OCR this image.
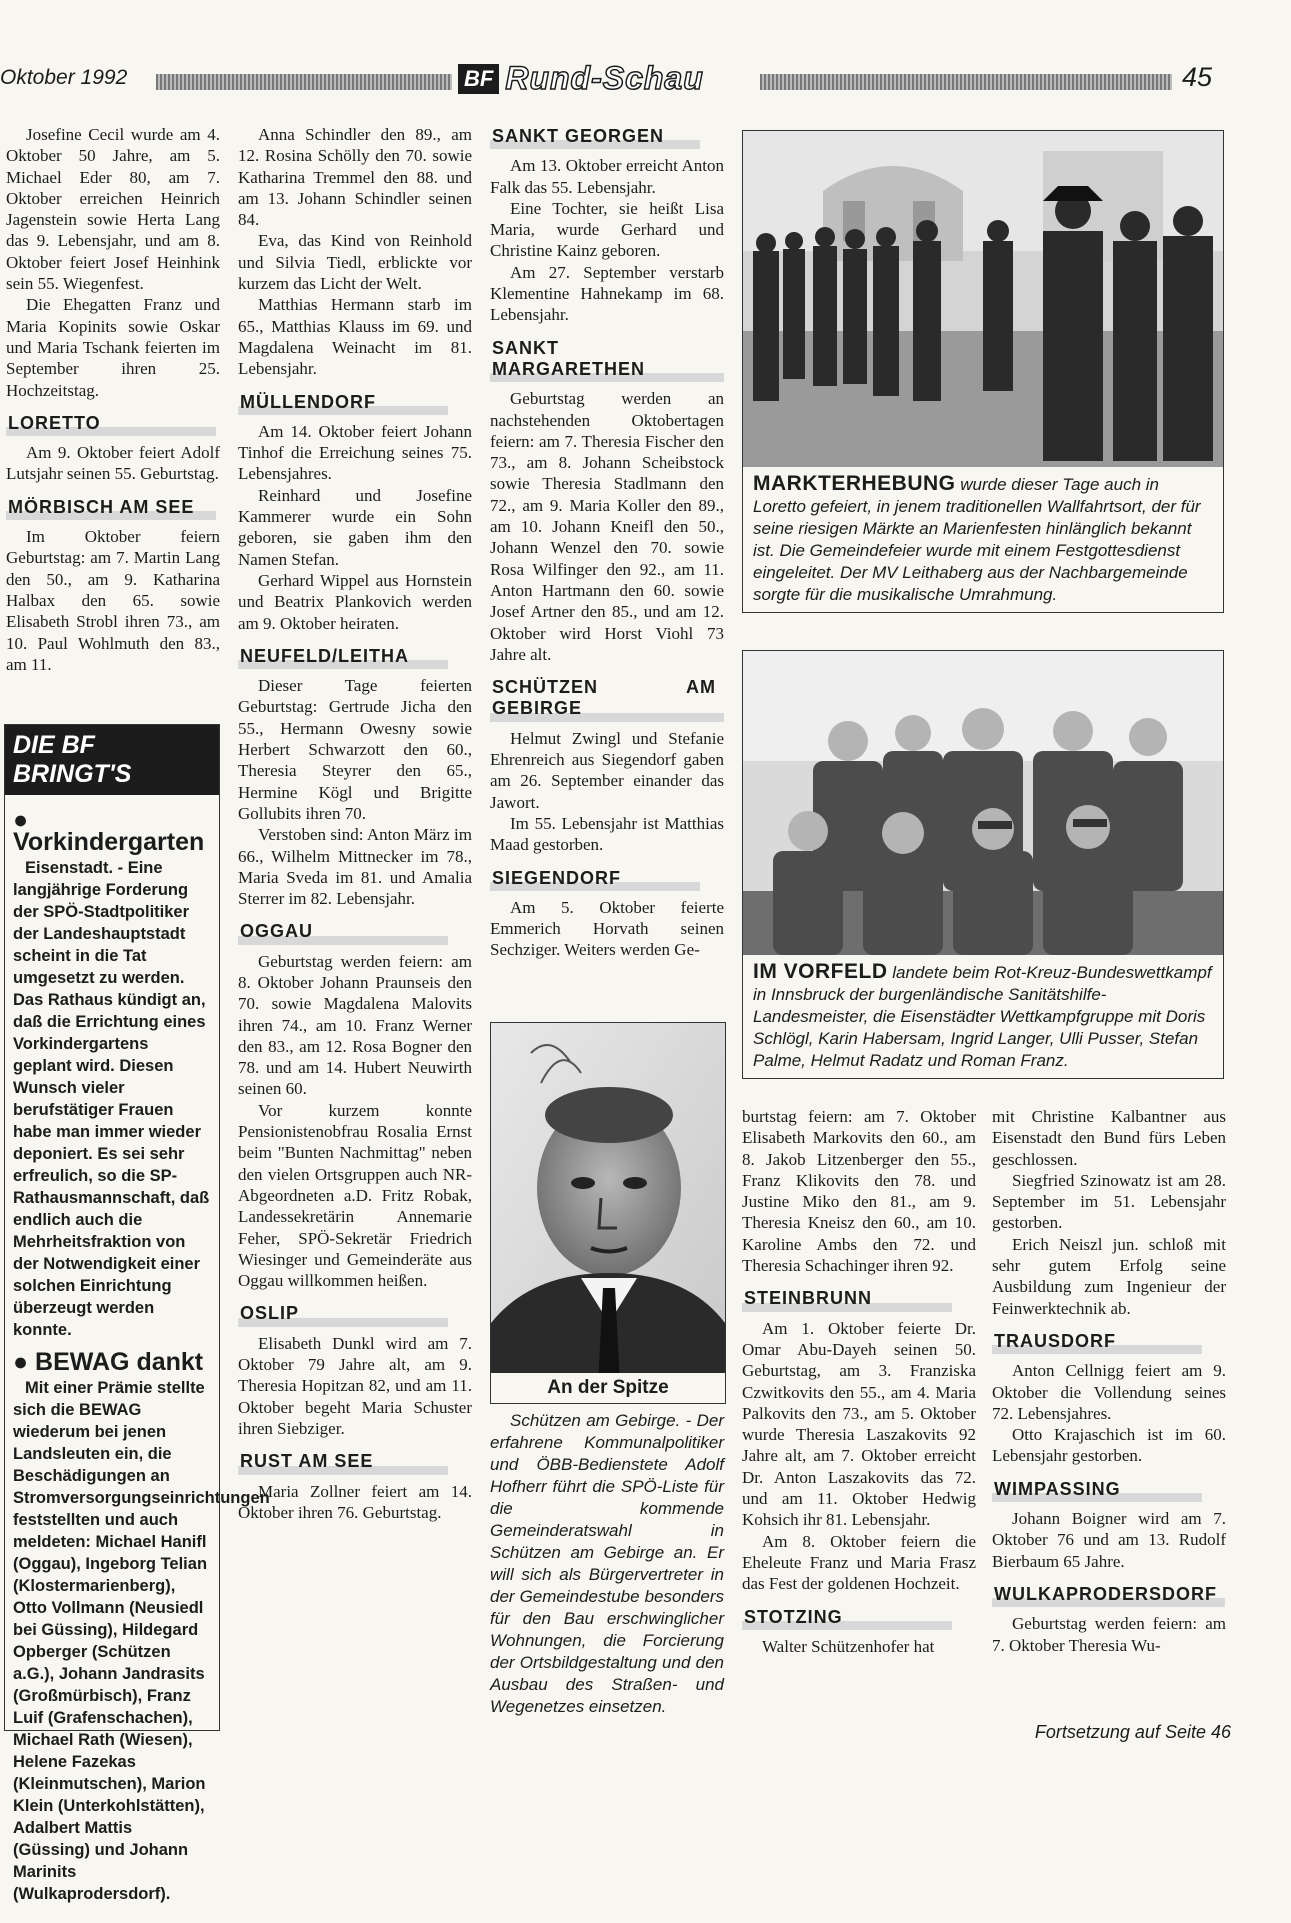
Oktober 1992	BF Rund-Schau	45

Josefine Cecil wurde am 4. Oktober 50 Jahre, am 5. Michael Eder 80, am 7. Oktober erreichen Heinrich Jagenstein sowie Herta Lang das 9. Lebensjahr, und am 8. Oktober feiert Josef Heinhink sein 55. Wiegenfest.

Die Ehegatten Franz und Maria Kopinits sowie Oskar und Maria Tschank feierten im September ihren 25. Hochzeitstag.

LORETTO

Am 9. Oktober feiert Adolf Lutsjahr seinen 55. Geburtstag.

MÖRBISCH AM SEE

Im Oktober feiern Geburtstag: am 7. Martin Lang den 50., am 9. Katharina Halbax den 65. sowie Elisabeth Strobl ihren 73., am 10. Paul Wohlmuth den 83., am 11.

DIE BF BRINGT'S
● Vorkindergarten

Eisenstadt. - Eine langjährige Forderung der SPÖ-Stadtpolitiker der Landeshauptstadt scheint in die Tat umgesetzt zu werden. Das Rathaus kündigt an, daß die Errichtung eines Vorkindergartens geplant wird. Diesen Wunsch vieler berufstätiger Frauen habe man immer wieder deponiert. Es sei sehr erfreulich, so die SP-Rathausmannschaft, daß endlich auch die Mehrheitsfraktion von der Notwendigkeit einer solchen Einrichtung überzeugt werden konnte.

● BEWAG dankt

Mit einer Prämie stellte sich die BEWAG wiederum bei jenen Landsleuten ein, die Beschädigungen an Stromversorgungseinrichtungen feststellten und auch meldeten: Michael Hanifl (Oggau), Ingeborg Telian (Klostermarienberg), Otto Vollmann (Neusiedl bei Güssing), Hildegard Opberger (Schützen a.G.), Johann Jandrasits (Großmürbisch), Franz Luif (Grafenschachen), Michael Rath (Wiesen), Helene Fazekas (Kleinmutschen), Marion Klein (Unterkohlstätten), Adalbert Mattis (Güssing) und Johann Marinits (Wulkaprodersdorf).

Anna Schindler den 89., am 12. Rosina Schölly den 70. sowie Katharina Tremmel den 88. und am 13. Johann Schindler seinen 84.

Eva, das Kind von Reinhold und Silvia Tiedl, erblickte vor kurzem das Licht der Welt.

Matthias Hermann starb im 65., Matthias Klauss im 69. und Magdalena Weinacht im 81. Lebensjahr.

MÜLLENDORF

Am 14. Oktober feiert Johann Tinhof die Erreichung seines 75. Lebensjahres.

Reinhard und Josefine Kammerer wurde ein Sohn geboren, sie gaben ihm den Namen Stefan.

Gerhard Wippel aus Hornstein und Beatrix Plankovich werden am 9. Oktober heiraten.

NEUFELD/LEITHA

Dieser Tage feierten Geburtstag: Gertrude Jicha den 55., Hermann Owesny sowie Herbert Schwarzott den 60., Theresia Steyrer den 65., Hermine Kögl und Brigitte Gollubits ihren 70.

Verstoben sind: Anton März im 66., Wilhelm Mittnecker im 78., Maria Sveda im 81. und Amalia Sterrer im 82. Lebensjahr.

OGGAU

Geburtstag werden feiern: am 8. Oktober Johann Praunseis den 70. sowie Magdalena Malovits ihren 74., am 10. Franz Werner den 83., am 12. Rosa Bogner den 78. und am 14. Hubert Neuwirth seinen 60.

Vor kurzem konnte Pensionistenobfrau Rosalia Ernst beim "Bunten Nachmittag" neben den vielen Ortsgruppen auch NR-Abgeordneten a.D. Fritz Robak, Landessekretärin Annemarie Feher, SPÖ-Sekretär Friedrich Wiesinger und Gemeinderäte aus Oggau willkommen heißen.

OSLIP

Elisabeth Dunkl wird am 7. Oktober 79 Jahre alt, am 9. Theresia Hopitzan 82, und am 11. Oktober begeht Maria Schuster ihren Siebziger.

RUST AM SEE

Maria Zollner feiert am 14. Oktober ihren 76. Geburtstag.

SANKT GEORGEN

Am 13. Oktober erreicht Anton Falk das 55. Lebensjahr.

Eine Tochter, sie heißt Lisa Maria, wurde Gerhard und Christine Kainz geboren.

Am 27. September verstarb Klementine Hahnekamp im 68. Lebensjahr.

SANKT MARGARETHEN

Geburtstag werden an nachstehenden Oktobertagen feiern: am 7. Theresia Fischer den 73., am 8. Johann Scheibstock sowie Theresia Stadlmann den 72., am 9. Maria Koller den 89., am 10. Johann Kneifl den 50., Johann Wenzel den 70. sowie Rosa Wilfinger den 92., am 11. Anton Hartmann den 60. sowie Josef Artner den 85., und am 12. Oktober wird Horst Viohl 73 Jahre alt.

SCHÜTZEN AM GEBIRGE

Helmut Zwingl und Stefanie Ehrenreich aus Siegendorf gaben am 26. September einander das Jawort.

Im 55. Lebensjahr ist Matthias Maad gestorben.

SIEGENDORF

Am 5. Oktober feierte Emmerich Horvath seinen Sechziger. Weiters werden Ge-

An der Spitze

Schützen am Gebirge. - Der erfahrene Kommunalpolitiker und ÖBB-Bedienstete Adolf Hofherr führt die SPÖ-Liste für die kommende Gemeinderatswahl in Schützen am Gebirge an. Er will sich als Bürgervertreter in der Gemeindestube besonders für den Bau erschwinglicher Wohnungen, die Forcierung der Ortsbildgestaltung und den Ausbau des Straßen- und Wegenetzes einsetzen.

MARKTERHEBUNG wurde dieser Tage auch in Loretto gefeiert, in jenem traditionellen Wallfahrtsort, der für seine riesigen Märkte an Marienfesten hinlänglich bekannt ist. Die Gemeindefeier wurde mit einem Festgottesdienst eingeleitet. Der MV Leithaberg aus der Nachbargemeinde sorgte für die musikalische Umrahmung.
IM VORFELD landete beim Rot-Kreuz-Bundeswettkampf in Innsbruck der burgenländische Sanitätshilfe-Landesmeister, die Eisenstädter Wettkampfgruppe mit Doris Schlögl, Karin Habersam, Ingrid Langer, Ulli Pusser, Stefan Palme, Helmut Radatz und Roman Franz.

burtstag feiern: am 7. Oktober Elisabeth Markovits den 60., am 8. Jakob Litzenberger den 55., Franz Klikovits den 78. und Justine Miko den 81., am 9. Theresia Kneisz den 60., am 10. Karoline Ambs den 72. und Theresia Schachinger ihren 92.

STEINBRUNN

Am 1. Oktober feierte Dr. Omar Abu-Dayeh seinen 50. Geburtstag, am 3. Franziska Czwitkovits den 55., am 4. Maria Palkovits den 73., am 5. Oktober wurde Theresia Laszakovits 92 Jahre alt, am 7. Oktober erreicht Dr. Anton Laszakovits das 72. und am 11. Oktober Hedwig Kohsich ihr 81. Lebensjahr.

Am 8. Oktober feiern die Eheleute Franz und Maria Frasz das Fest der goldenen Hochzeit.

STOTZING

Walter Schützenhofer hat

mit Christine Kalbantner aus Eisenstadt den Bund fürs Leben geschlossen.

Siegfried Szinowatz ist am 28. September im 51. Lebensjahr gestorben.

Erich Neiszl jun. schloß mit sehr gutem Erfolg seine Ausbildung zum Ingenieur der Feinwerktechnik ab.

TRAUSDORF

Anton Cellnigg feiert am 9. Oktober die Vollendung seines 72. Lebensjahres.

Otto Krajaschich ist im 60. Lebensjahr gestorben.

WIMPASSING

Johann Boigner wird am 7. Oktober 76 und am 13. Rudolf Bierbaum 65 Jahre.

WULKAPRODERSDORF

Geburtstag werden feiern: am 7. Oktober Theresia Wu-

Fortsetzung auf Seite 46
